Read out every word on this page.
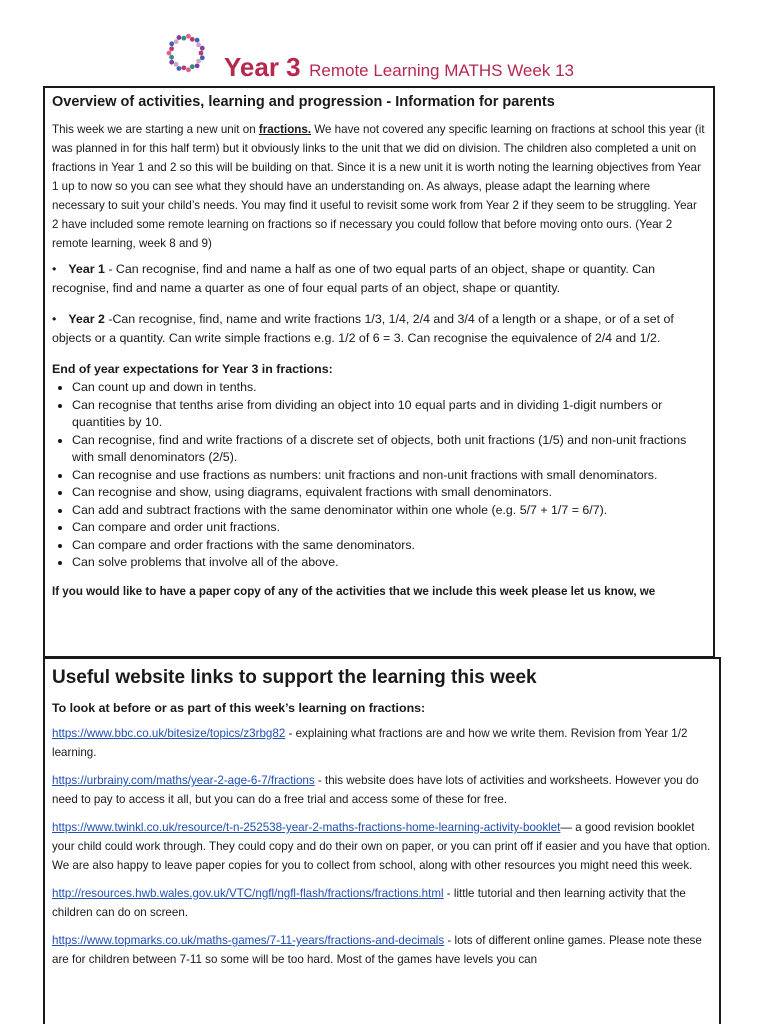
Year 3 Remote Learning MATHS Week 13
Overview of activities, learning and progression - Information for parents

This week we are starting a new unit on fractions. We have not covered any specific learning on fractions at school this year (it was planned in for this half term) but it obviously links to the unit that we did on division. The children also completed a unit on fractions in Year 1 and 2 so this will be building on that. Since it is a new unit it is worth noting the learning objectives from Year 1 up to now so you can see what they should have an understanding on. As always, please adapt the learning where necessary to suit your child’s needs. You may find it useful to revisit some work from Year 2 if they seem to be struggling. Year 2 have included some remote learning on fractions so if necessary you could follow that before moving onto ours. (Year 2 remote learning, week 8 and 9)

• Year 1 - Can recognise, find and name a half as one of two equal parts of an object, shape or quantity. Can recognise, find and name a quarter as one of four equal parts of an object, shape or quantity.

• Year 2 -Can recognise, find, name and write fractions 1/3, 1/4, 2/4 and 3/4 of a length or a shape, or of a set of objects or a quantity. Can write simple fractions e.g. 1/2 of 6 = 3. Can recognise the equivalence of 2/4 and 1/2.

End of year expectations for Year 3 in fractions:
• Can count up and down in tenths.
• Can recognise that tenths arise from dividing an object into 10 equal parts and in dividing 1-digit numbers or quantities by 10.
• Can recognise, find and write fractions of a discrete set of objects, both unit fractions (1/5) and non-unit fractions with small denominators (2/5).
• Can recognise and use fractions as numbers: unit fractions and non-unit fractions with small denominators.
• Can recognise and show, using diagrams, equivalent fractions with small denominators.
• Can add and subtract fractions with the same denominator within one whole (e.g. 5/7 + 1/7 = 6/7).
• Can compare and order unit fractions.
• Can compare and order fractions with the same denominators.
• Can solve problems that involve all of the above.
If you would like to have a paper copy of any of the activities that we include this week please let us know, we
Useful website links to support the learning this week
To look at before or as part of this week’s learning on fractions:

https://www.bbc.co.uk/bitesize/topics/z3rbg82 - explaining what fractions are and how we write them. Revision from Year 1/2 learning.

https://urbrainy.com/maths/year-2-age-6-7/fractions - this website does have lots of activities and worksheets. However you do need to pay to access it all, but you can do a free trial and access some of these for free.

https://www.twinkl.co.uk/resource/t-n-252538-year-2-maths-fractions-home-learning-activity-booklet— a good revision booklet your child could work through. They could copy and do their own on paper, or you can print off if easier and you have that option. We are also happy to leave paper copies for you to collect from school, along with other resources you might need this week.

http://resources.hwb.wales.gov.uk/VTC/ngfl/ngfl-flash/fractions/fractions.html - little tutorial and then learning activity that the children can do on screen.

https://www.topmarks.co.uk/maths-games/7-11-years/fractions-and-decimals - lots of different online games. Please note these are for children between 7-11 so some will be too hard. Most of the games have levels you can
